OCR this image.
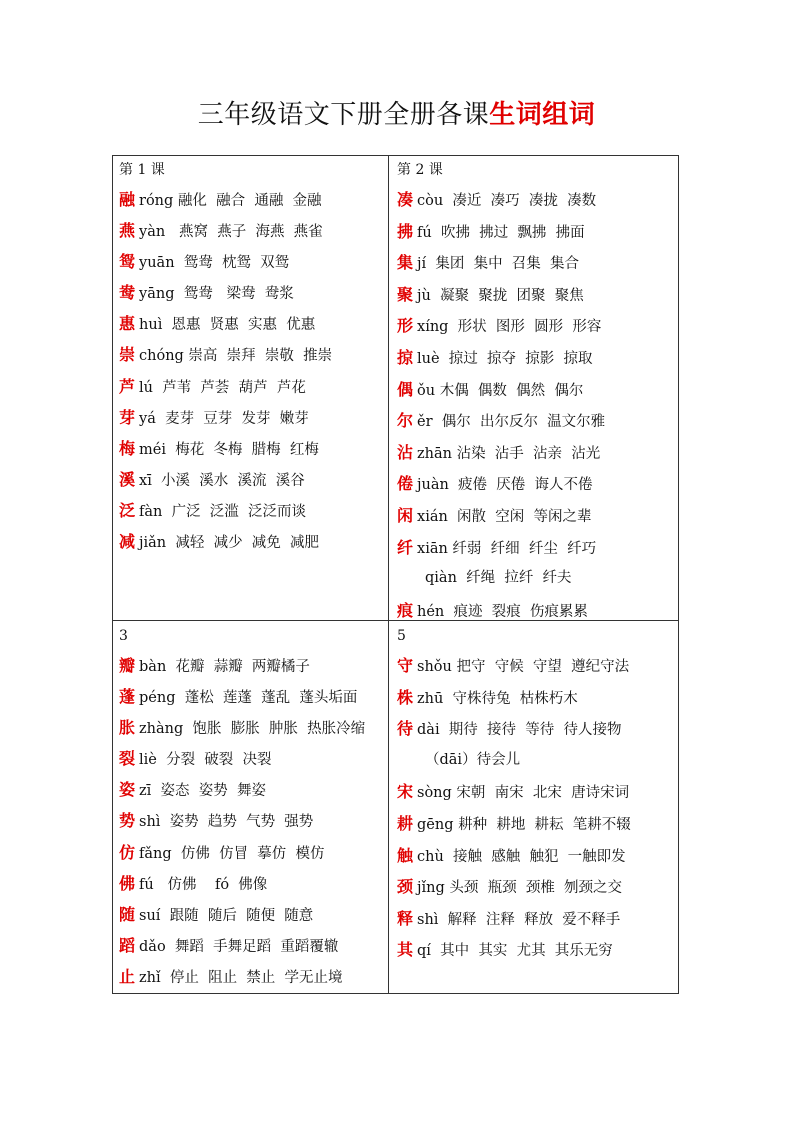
三年级语文下册全册各课生词组词
第 1 课
融 róng 融化  融合  通融  金融
燕 yàn   燕窝  燕子  海燕  燕雀
鸳 yuān  鸳鸯  枕鸳  双鸳
鸯 yāng  鸳鸯   梁鸯  鸯浆
惠 huì  恩惠  贤惠  实惠  优惠
崇 chóng 崇高  崇拜  崇敬  推崇
芦 lú  芦苇  芦荟  葫芦  芦花
芽 yá  麦芽  豆芽  发芽  嫩芽
梅 méi  梅花  冬梅  腊梅  红梅
溪 xī  小溪  溪水  溪流  溪谷
泛 fàn  广泛  泛滥  泛泛而谈
减 jiǎn  减轻  减少  减免  减肥
第 2 课
凑 còu  凑近  凑巧  凑拢  凑数
拂 fú  吹拂  拂过  飘拂  拂面
集 jí  集团  集中  召集  集合
聚 jù  凝聚  聚拢  团聚  聚焦
形 xíng  形状  图形  圆形  形容
掠 luè  掠过  掠夺  掠影  掠取
偶 ǒu 木偶  偶数  偶然  偶尔
尔 ěr  偶尔  出尔反尔  温文尔雅
沾 zhān 沾染  沾手  沾亲  沾光
倦 juàn  疲倦  厌倦  诲人不倦
闲 xián  闲散  空闲  等闲之辈
纤 xiān 纤弱  纤细  纤尘  纤巧
qiàn  纤绳  拉纤  纤夫
痕 hén  痕迹  裂痕  伤痕累累
3
瓣 bàn  花瓣  蒜瓣  两瓣橘子
蓬 péng  蓬松  莲蓬  蓬乱  蓬头垢面
胀 zhàng  饱胀  膨胀  肿胀  热胀冷缩
裂 liè  分裂  破裂  决裂
姿 zī  姿态  姿势  舞姿
势 shì  姿势  趋势  气势  强势
仿 fǎng  仿佛  仿冒  摹仿  模仿
佛 fú   仿佛    fó  佛像
随 suí  跟随  随后  随便  随意
蹈 dǎo  舞蹈  手舞足蹈  重蹈覆辙
止 zhǐ  停止  阻止  禁止  学无止境
5
守 shǒu 把守  守候  守望  遵纪守法
株 zhū  守株待兔  枯株朽木
待 dài  期待  接待  等待  待人接物
（dāi）待会儿
宋 sòng 宋朝  南宋  北宋  唐诗宋词
耕 gēng 耕种  耕地  耕耘  笔耕不辍
触 chù  接触  感触  触犯  一触即发
颈 jǐng 头颈  瓶颈  颈椎  刎颈之交
释 shì  解释  注释  释放  爱不释手
其 qí  其中  其实  尤其  其乐无穷
